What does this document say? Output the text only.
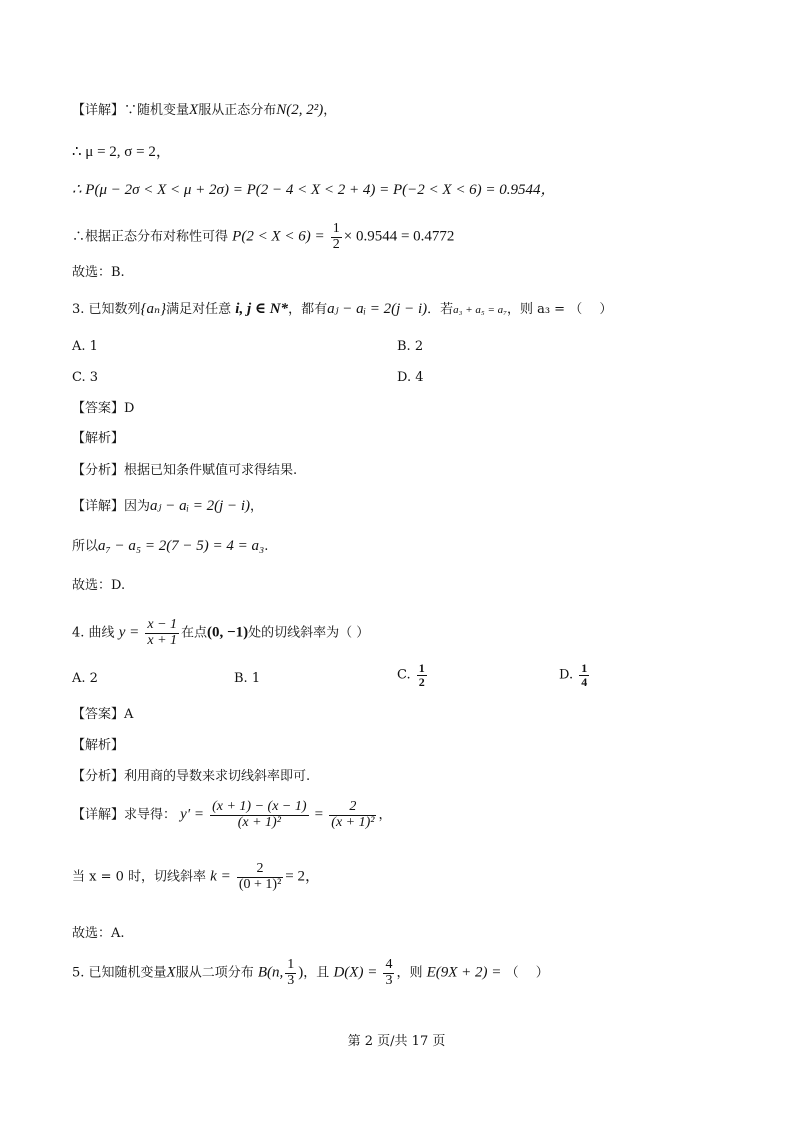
【详解】∵随机变量X服从正态分布N(2, 2²)，
∴ μ = 2, σ = 2，
∴ P(μ − 2σ < X < μ + 2σ) = P(2 − 4 < X < 2 + 4) = P(−2 < X < 6) = 0.9544，
∴根据正态分布对称性可得 $P(2 < X < 6) = \frac{1}{2} \times 0.9544 = 0.4772$
故选：B.
3. 已知数列{aₙ}满足对任意 i, j ∈ N*，都有aⱼ − aᵢ = 2(j − i)．若a₃ + a₅ = a₇，则 a₃ = （　 ）
A. 1	B. 2
C. 3	D. 4
【答案】D
【解析】
【分析】根据已知条件赋值可求得结果.
【详解】因为aⱼ − aᵢ = 2(j − i)，
所以a₇ − a₅ = 2(7 − 5) = 4 = a₃.
故选：D.
4. 曲线 $y = \frac{x - 1}{x + 1}$ 在点(0, −1)处的切线斜率为（ ）
A. 2	B. 1	C. $\frac{1}{2}$	D. $\frac{1}{4}$
【答案】A
【解析】
【分析】利用商的导数来求切线斜率即可.
【详解】求导得： $y' = \frac{(x + 1) - (x - 1)}{\text{(x + 1)²}} = \frac{2}{\text{(x + 1)²}}$ ，
当 x = 0 时，切线斜率 $k = \frac{2}{\text{(0 + 1)²}} = 2$，
故选：A.
5. 已知随机变量X服从二项分布 B(n, $\frac{1}{3}$ )，且 $D(X) = \frac{4}{3}$ ，则 E(9X + 2) = （　 ）
第 2 页/共 17 页
